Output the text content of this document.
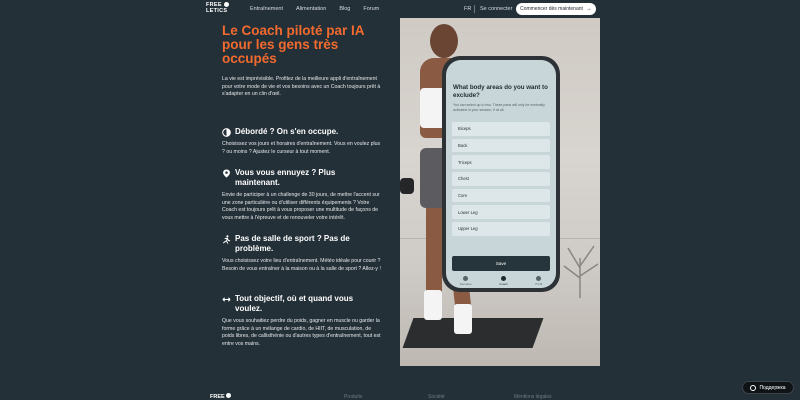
FREE
LETICS	Entraînement Alimentation Blog Forum	FR Se connecter Commencer dès maintenant →
Le Coach piloté par IA pour les gens très occupés

La vie est imprévisible. Profitez de la meilleure appli d'entraînement pour votre mode de vie et vos besoins avec un Coach toujours prêt à s'adapter en un clin d'œil.

Débordé ? On s'en occupe.

Choisissez vos jours et horaires d'entraînement. Vous en voulez plus ? ou moins ? Ajustez le curseur à tout moment.

Vous vous ennuyez ? Plus maintenant.

Envie de participer à un challenge de 30 jours, de mettre l'accent sur une zone particulière ou d'utiliser différents équipements ? Votre Coach est toujours prêt à vous proposer une multitude de façons de vous mettre à l'épreuve et de renouveler votre intérêt.

Pas de salle de sport ? Pas de problème.

Vous choisissez votre lieu d'entraînement. Météo idéale pour courir ? Besoin de vous entraîner à la maison ou à la salle de sport ? Allez-y !

Tout objectif, où et quand vous voulez.

Que vous souhaitiez perdre du poids, gagner en muscle ou garder la forme grâce à un mélange de cardio, de HIIT, de musculation, de poids libres, de callisthénie ou d'autres types d'entraînement, tout est entre vos mains.

What body areas do you want to exclude?
You can select up to two. These parts will only be minimally activated in your session, if at all.
Biceps
Back
Triceps
Chest
Core
Lower Leg
Upper Leg
Save
Semaine	Coach	Profil
FREE	Produits	Société	Mentions légales
Поддержка
